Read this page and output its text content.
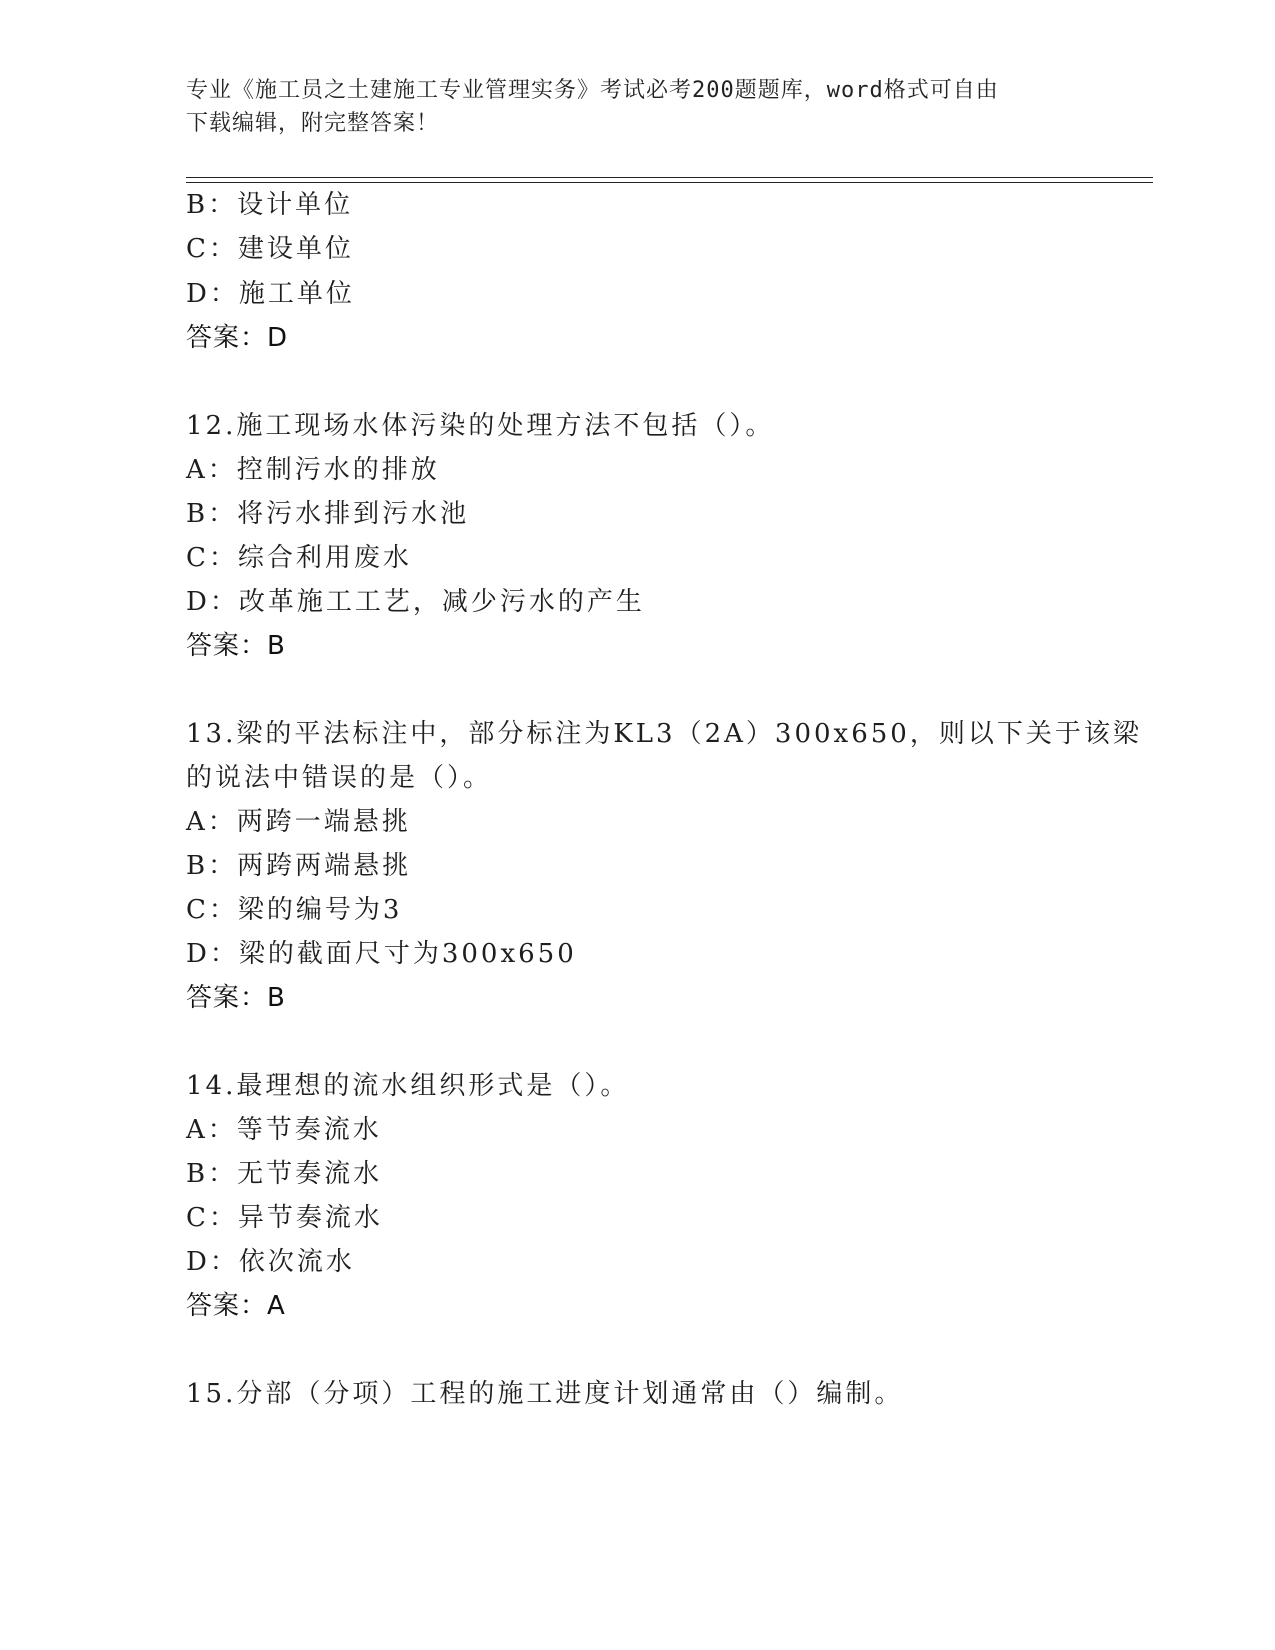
专业《施工员之土建施工专业管理实务》考试必考200题题库，word格式可自由
下载编辑，附完整答案！
B：设计单位
C：建设单位
D：施工单位
答案：D
12.施工现场水体污染的处理方法不包括（）。
A：控制污水的排放
B：将污水排到污水池
C：综合利用废水
D：改革施工工艺，减少污水的产生
答案：B
13.梁的平法标注中，部分标注为KL3（2A）300x650，则以下关于该梁
的说法中错误的是（）。
A：两跨一端悬挑
B：两跨两端悬挑
C：梁的编号为3
D：梁的截面尺寸为300x650
答案：B
14.最理想的流水组织形式是（）。
A：等节奏流水
B：无节奏流水
C：异节奏流水
D：依次流水
答案：A
15.分部（分项）工程的施工进度计划通常由（）编制。
